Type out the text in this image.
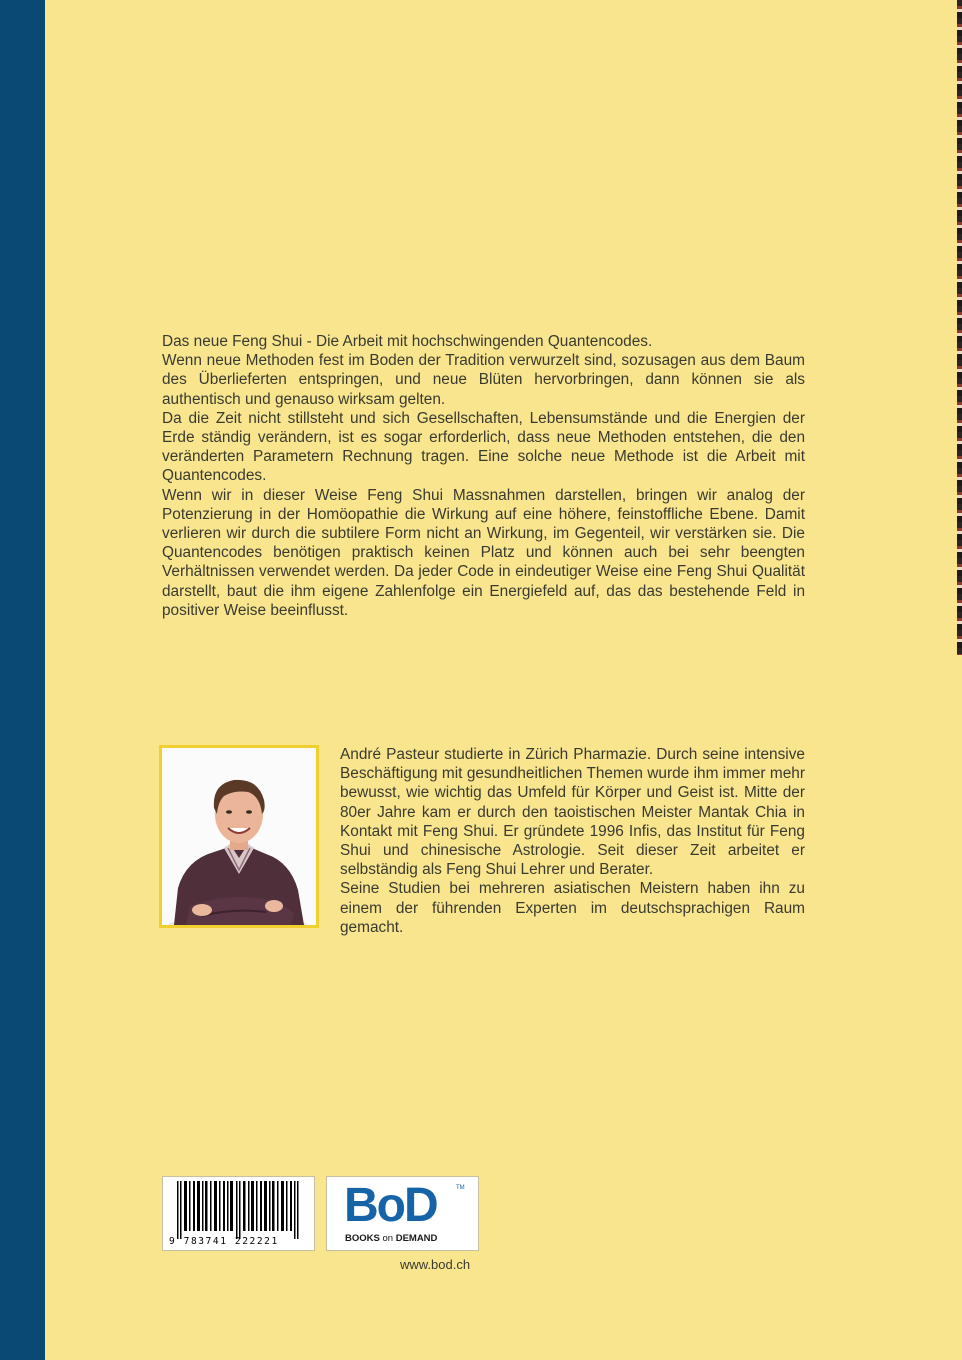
Das neue Feng Shui - Die Arbeit mit hochschwingenden Quantencodes.

Wenn neue Methoden fest im Boden der Tradition verwurzelt sind, sozusagen aus dem Baum des Überlieferten entspringen, und neue Blüten hervorbringen, dann können sie als authentisch und genauso wirksam gelten.

Da die Zeit nicht stillsteht und sich Gesellschaften, Lebensumstände und die Energien der Erde ständig verändern, ist es sogar erforderlich, dass neue Methoden entstehen, die den veränderten Parametern Rechnung tragen. Eine solche neue Methode ist die Arbeit mit Quantencodes.

Wenn wir in dieser Weise Feng Shui Massnahmen darstellen, bringen wir analog der Potenzierung in der Homöopathie die Wirkung auf eine höhere, feinstoffliche Ebene. Damit verlieren wir durch die subtilere Form nicht an Wirkung, im Gegenteil, wir verstärken sie. Die Quantencodes benötigen praktisch keinen Platz und können auch bei sehr beengten Verhältnissen verwendet werden. Da jeder Code in eindeutiger Weise eine Feng Shui Qualität darstellt, baut die ihm eigene Zahlenfolge ein Energiefeld auf, das das bestehende Feld in positiver Weise beeinflusst.

André Pasteur studierte in Zürich Pharmazie. Durch seine intensive Beschäftigung mit gesundheitlichen Themen wurde ihm immer mehr bewusst, wie wichtig das Umfeld für Körper und Geist ist. Mitte der 80er Jahre kam er durch den taoistischen Meister Mantak Chia in Kontakt mit Feng Shui. Er gründete 1996 Infis, das Institut für Feng Shui und chinesische Astrologie. Seit dieser Zeit arbeitet er selbständig als Feng Shui Lehrer und Berater.

Seine Studien bei mehreren asiatischen Meistern haben ihn zu einem der führenden Experten im deutschsprachigen Raum gemacht.

9 783741 222221
BoD	TM
BOOKS on DEMAND
www.bod.ch
